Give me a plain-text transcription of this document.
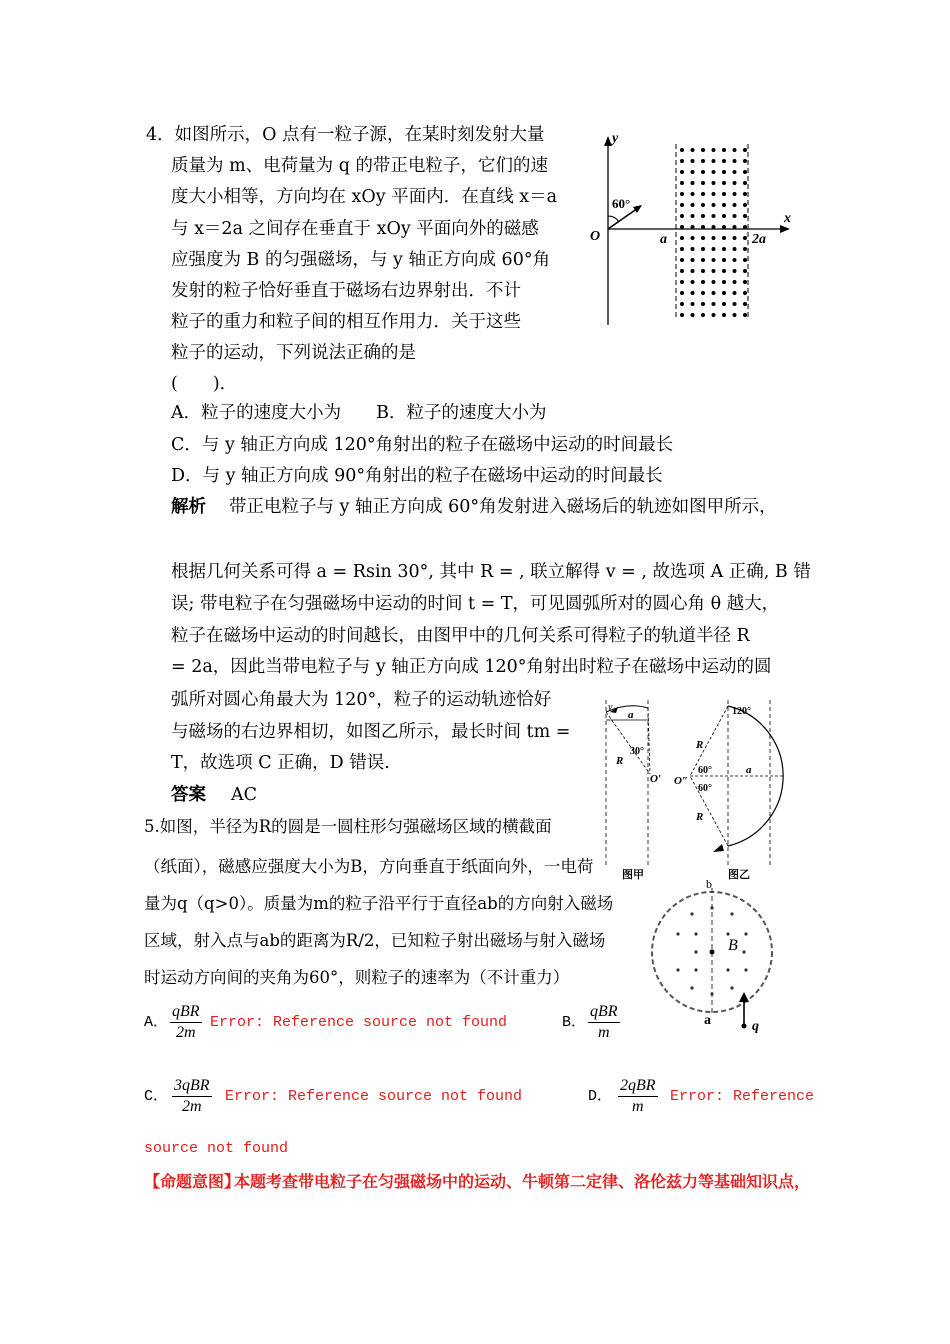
4．如图所示，O 点有一粒子源，在某时刻发射大量
质量为 m、电荷量为 q 的带正电粒子，它们的速
度大小相等，方向均在 xOy 平面内．在直线 x＝a
与 x＝2a 之间存在垂直于 xOy 平面向外的磁感
应强度为 B 的匀强磁场，与 y 轴正方向成 60°角
发射的粒子恰好垂直于磁场右边界射出．不计
粒子的重力和粒子间的相互作用力．关于这些
粒子的运动，下列说法正确的是
(　　)．
A．粒子的速度大小为　　B．粒子的速度大小为
C．与 y 轴正方向成 120°角射出的粒子在磁场中运动的时间最长
D．与 y 轴正方向成 90°角射出的粒子在磁场中运动的时间最长
解析 带正电粒子与 y 轴正方向成 60°角发射进入磁场后的轨迹如图甲所示，
根据几何关系可得 a = Rsin 30°, 其中 R = , 联立解得 v = , 故选项 A 正确, B 错
误; 带电粒子在匀强磁场中运动的时间 t = T，可见圆弧所对的圆心角 θ 越大，
粒子在磁场中运动的时间越长，由图甲中的几何关系可得粒子的轨道半径 R
= 2a，因此当带电粒子与 y 轴正方向成 120°角射出时粒子在磁场中运动的圆
弧所对圆心角最大为 120°，粒子的运动轨迹恰好
与磁场的右边界相切，如图乙所示，最长时间 tm =
T，故选项 C 正确，D 错误.
答案 AC
y
x
O
60°
a	2a
v
a
30°
R
O′
图甲
120°
R
O″
60°
60°
a
R
图乙
5.如图，半径为R的圆是一圆柱形匀强磁场区域的横截面
（纸面），磁感应强度大小为B，方向垂直于纸面向外，一电荷
量为q（q>0）。质量为m的粒子沿平行于直径ab的方向射入磁场
区域，射入点与ab的距离为R/2，已知粒子射出磁场与射入磁场
时运动方向间的夹角为60°，则粒子的速率为（不计重力）
b
B
a	q
A．
qBR
2m
Error: Reference source not found	B．
qBR
m
C．
3qBR
2m
Error: Reference source not found	D．
2qBR
m
Error: Reference
source not found
【命题意图】
本题考查带电粒子在匀强磁场中的运动、牛顿第二定律、洛伦兹力等基础知识点，
